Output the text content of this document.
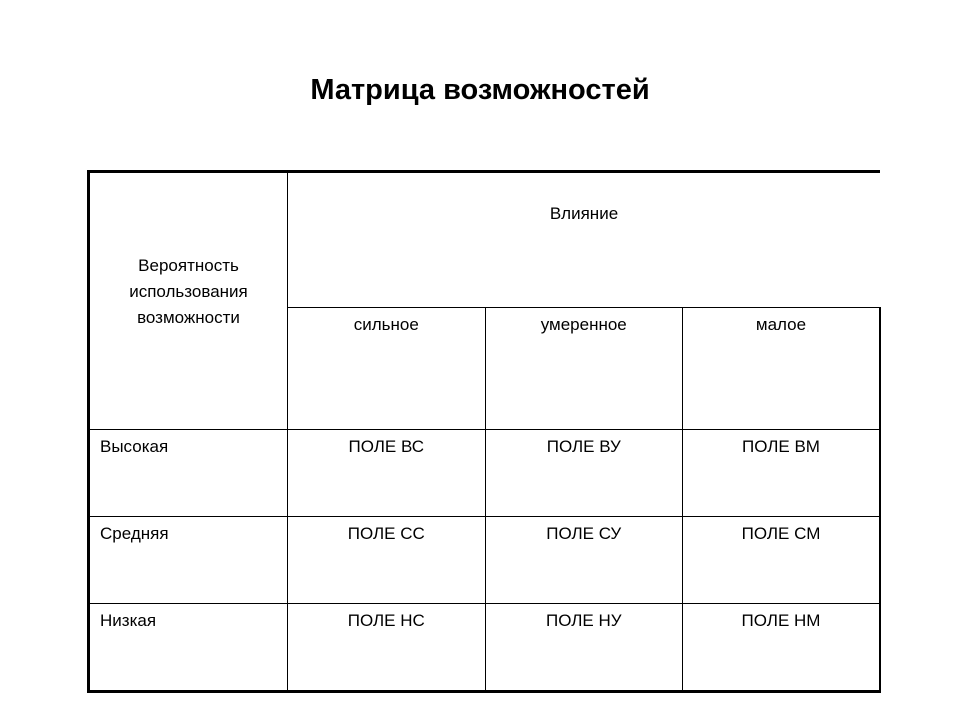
Матрица возможностей
Вероятность
использования
возможности	Влияние		
	сильное	умеренное	малое
Высокая	ПОЛЕ ВС	ПОЛЕ ВУ	ПОЛЕ ВМ
Средняя	ПОЛЕ СС	ПОЛЕ СУ	ПОЛЕ СМ
Низкая	ПОЛЕ НС	ПОЛЕ НУ	ПОЛЕ НМ
